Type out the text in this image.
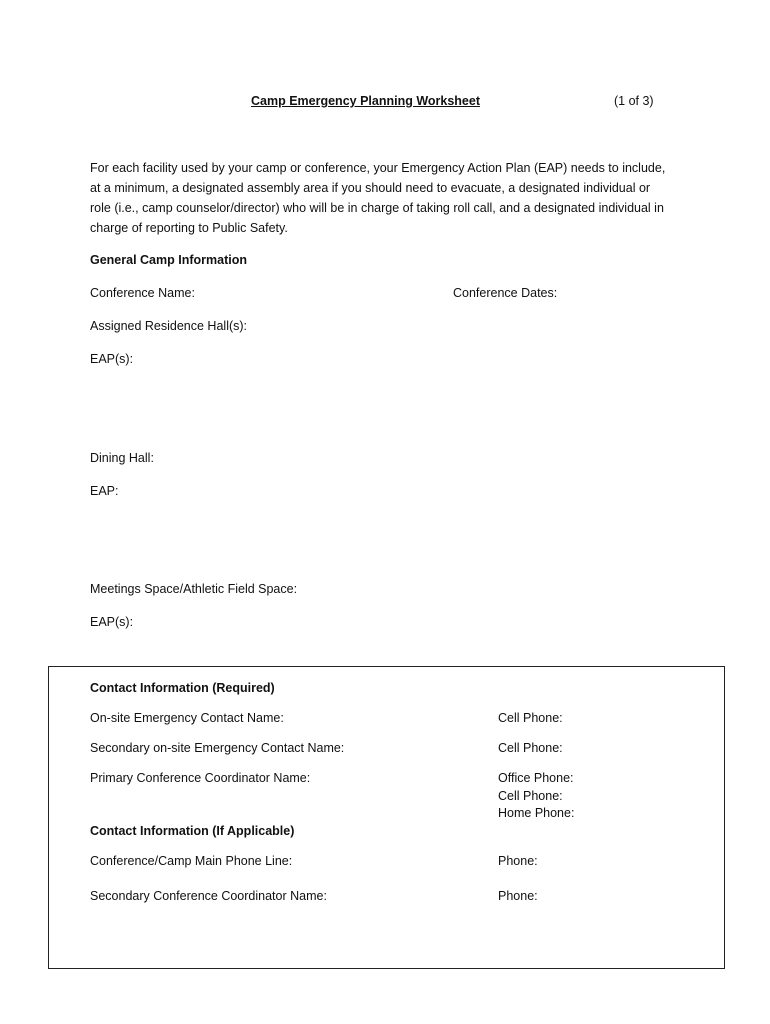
Camp Emergency Planning Worksheet	(1 of 3)
For each facility used by your camp or conference, your Emergency Action Plan (EAP) needs to include,
at a minimum, a designated assembly area if you should need to evacuate, a designated individual or
role (i.e., camp counselor/director) who will be in charge of taking roll call, and a designated individual in
charge of reporting to Public Safety.
General Camp Information
Conference Name:	Conference Dates:
Assigned Residence Hall(s):
EAP(s):
Dining Hall:
EAP:
Meetings Space/Athletic Field Space:
EAP(s):
Contact Information (Required)
On-site Emergency Contact Name:	Cell Phone:
Secondary on-site Emergency Contact Name:	Cell Phone:
Primary Conference Coordinator Name:	Office Phone:
Cell Phone:
Home Phone:
Contact Information (If Applicable)
Conference/Camp Main Phone Line:	Phone:
Secondary Conference Coordinator Name:	Phone:
